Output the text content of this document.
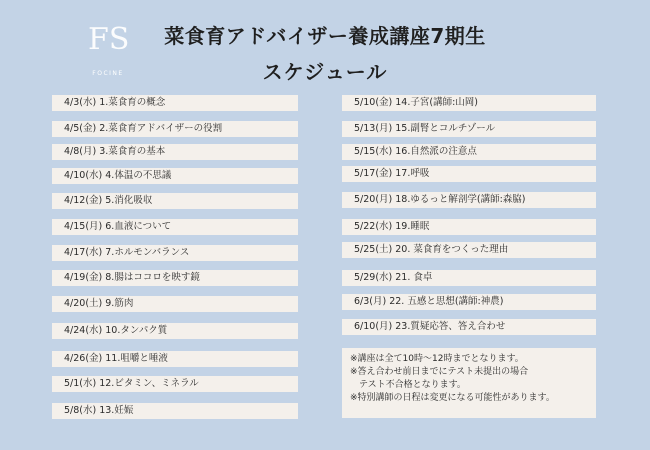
FS
FOCINE
菜食育アドバイザー養成講座7期生
スケジュール
4/3(水) 1.菜食育の概念
4/5(金) 2.菜食育アドバイザーの役割
4/8(月) 3.菜食育の基本
4/10(水) 4.体温の不思議
4/12(金) 5.消化吸収
4/15(月) 6.血液について
4/17(水) 7.ホルモンバランス
4/19(金) 8.腸はココロを映す鏡
4/20(土) 9.筋肉
4/24(水) 10.タンパク質
4/26(金) 11.咀嚼と唾液
5/1(水) 12.ビタミン、ミネラル
5/8(水) 13.妊娠
5/10(金) 14.子宮(講師:山岡)
5/13(月) 15.副腎とコルチゾール
5/15(水) 16.自然派の注意点
5/17(金) 17.呼吸
5/20(月) 18.ゆるっと解剖学(講師:森脇)
5/22(水) 19.睡眠
5/25(土) 20. 菜食育をつくった理由
5/29(水) 21. 食卓
6/3(月) 22. 五感と思想(講師:神農)
6/10(月) 23.質疑応答、答え合わせ
※講座は全て10時～12時までとなります。
※答え合わせ前日までにテスト未提出の場合
　テスト不合格となります。
※特別講師の日程は変更になる可能性があります。
